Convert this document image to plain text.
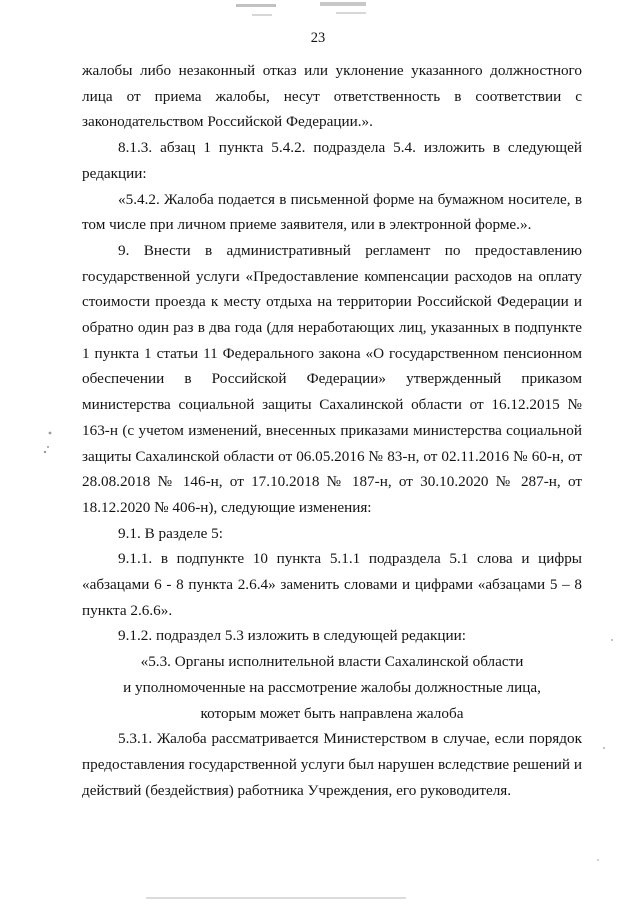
23

жалобы либо незаконный отказ или уклонение указанного должностного лица от приема жалобы, несут ответственность в соответствии с законодательством Российской Федерации.».

8.1.3. абзац 1 пункта 5.4.2. подраздела 5.4. изложить в следующей редакции:

«5.4.2. Жалоба подается в письменной форме на бумажном носителе, в том числе при личном приеме заявителя, или в электронной форме.».

9. Внести в административный регламент по предоставлению государственной услуги «Предоставление компенсации расходов на оплату стоимости проезда к месту отдыха на территории Российской Федерации и обратно один раз в два года (для неработающих лиц, указанных в подпункте 1 пункта 1 статьи 11 Федерального закона «О государственном пенсионном обеспечении в Российской Федерации» утвержденный приказом министерства социальной защиты Сахалинской области от 16.12.2015 № 163-н (с учетом изменений, внесенных приказами министерства социальной защиты Сахалинской области от 06.05.2016 № 83-н, от 02.11.2016 № 60-н, от 28.08.2018 № 146-н, от 17.10.2018 № 187-н, от 30.10.2020 № 287-н, от 18.12.2020 № 406-н), следующие изменения:

9.1. В разделе 5:

9.1.1. в подпункте 10 пункта 5.1.1 подраздела 5.1 слова и цифры «абзацами 6 - 8 пункта 2.6.4» заменить словами и цифрами «абзацами 5 – 8 пункта 2.6.6».

9.1.2. подраздел 5.3 изложить в следующей редакции:

«5.3. Органы исполнительной власти Сахалинской области

и уполномоченные на рассмотрение жалобы должностные лица,

которым может быть направлена жалоба

5.3.1. Жалоба рассматривается Министерством в случае, если порядок предоставления государственной услуги был нарушен вследствие решений и действий (бездействия) работника Учреждения, его руководителя.
